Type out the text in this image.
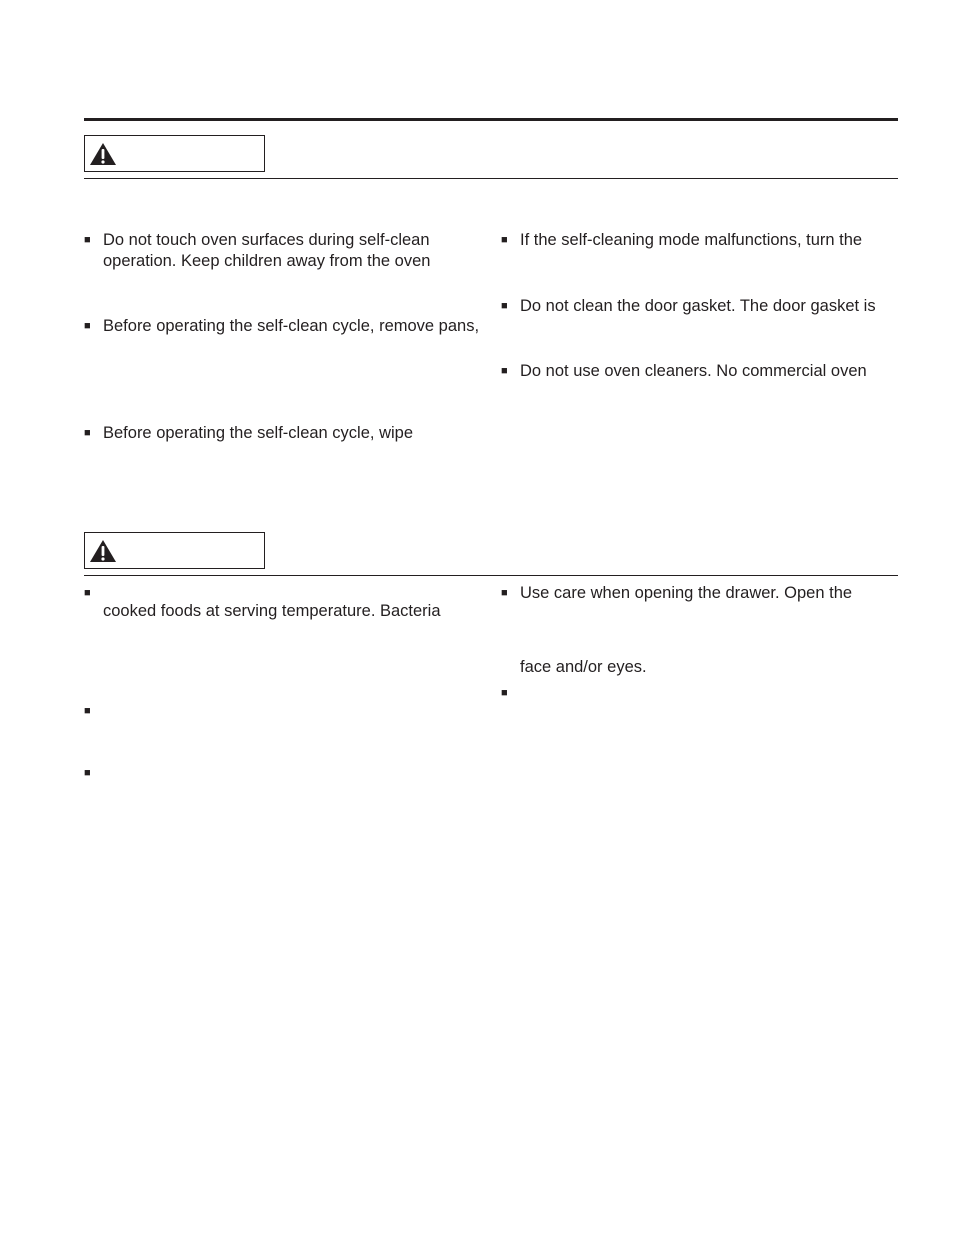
■ Do not touch oven surfaces during self-clean
operation. Keep children away from the oven
■ Before operating the self-clean cycle, remove pans,
■ Before operating the self-clean cycle, wipe
■ If the self-cleaning mode malfunctions, turn the
■ Do not clean the door gasket. The door gasket is
■ Do not use oven cleaners. No commercial oven
■
cooked foods at serving temperature. Bacteria
■
■
■ Use care when opening the drawer. Open the
face and/or eyes.
■
